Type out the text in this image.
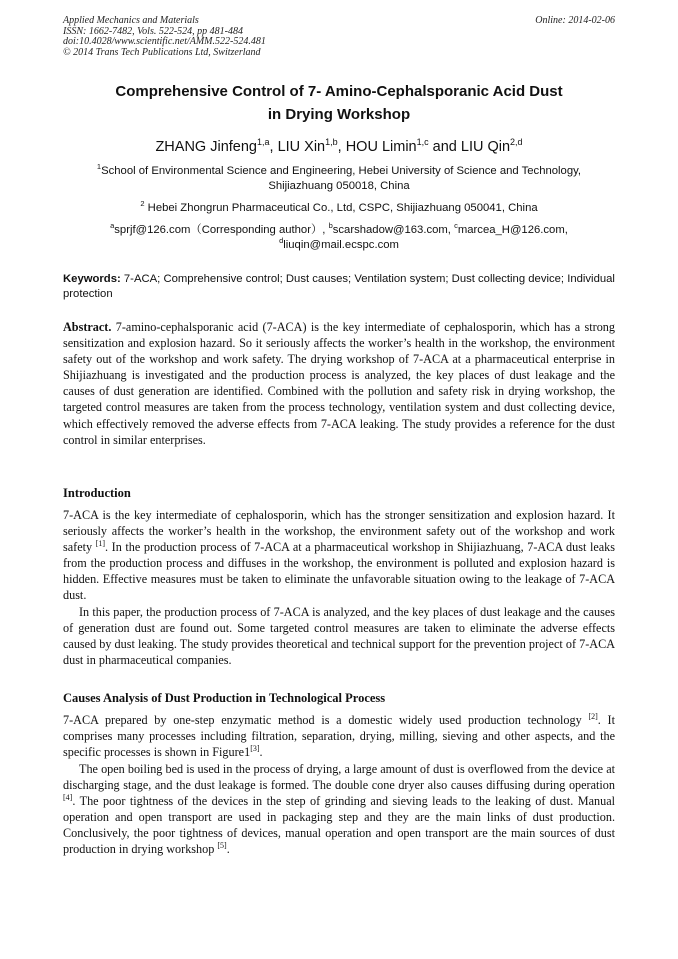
Applied Mechanics and Materials
ISSN: 1662-7482, Vols. 522-524, pp 481-484
doi:10.4028/www.scientific.net/AMM.522-524.481
© 2014 Trans Tech Publications Ltd, Switzerland
Online: 2014-02-06
Comprehensive Control of 7- Amino-Cephalsporanic Acid Dust
in Drying Workshop
ZHANG Jinfeng$^{1,a}$, LIU Xin$^{1,b}$, HOU Limin$^{1,c}$ and LIU Qin$^{2,d}$
$^1$School of Environmental Science and Engineering, Hebei University of Science and Technology,
Shijiazhuang 050018, China
$^2$ Hebei Zhongrun Pharmaceutical Co., Ltd, CSPC, Shijiazhuang 050041, China
$^a$sprjf@126.com（Corresponding author）, $^b$scarshadow@163.com, $^c$marcea_H@126.com,
$^d$liuqin@mail.ecspc.com
Keywords: 7-ACA; Comprehensive control; Dust causes; Ventilation system; Dust collecting device; Individual protection
Abstract. 7-amino-cephalsporanic acid (7-ACA) is the key intermediate of cephalosporin, which has a strong sensitization and explosion hazard. So it seriously affects the worker’s health in the workshop, the environment safety out of the workshop and work safety. The drying workshop of 7-ACA at a pharmaceutical enterprise in Shijiazhuang is investigated and the production process is analyzed, the key places of dust leakage and the causes of dust generation are identified. Combined with the pollution and safety risk in drying workshop, the targeted control measures are taken from the process technology, ventilation system and dust collecting device, which effectively removed the adverse effects from 7-ACA leaking. The study provides a reference for the dust control in similar enterprises.
Introduction
7-ACA is the key intermediate of cephalosporin, which has the stronger sensitization and explosion hazard. It seriously affects the worker’s health in the workshop, the environment safety out of the workshop and work safety [1]. In the production process of 7-ACA at a pharmaceutical workshop in Shijiazhuang, 7-ACA dust leaks from the production process and diffuses in the workshop, the environment is polluted and explosion hazard is hidden. Effective measures must be taken to eliminate the unfavorable situation owing to the leakage of 7-ACA dust.
In this paper, the production process of 7-ACA is analyzed, and the key places of dust leakage and the causes of generation dust are found out. Some targeted control measures are taken to eliminate the adverse effects caused by dust leaking. The study provides theoretical and technical support for the prevention project of 7-ACA dust in pharmaceutical companies.
Causes Analysis of Dust Production in Technological Process
7-ACA prepared by one-step enzymatic method is a domestic widely used production technology [2]. It comprises many processes including filtration, separation, drying, milling, sieving and other aspects, and the specific processes is shown in Figure1[3].
The open boiling bed is used in the process of drying, a large amount of dust is overflowed from the device at discharging stage, and the dust leakage is formed. The double cone dryer also causes diffusing during operation [4]. The poor tightness of the devices in the step of grinding and sieving leads to the leaking of dust. Manual operation and open transport are used in packaging step and they are the main links of dust production. Conclusively, the poor tightness of devices, manual operation and open transport are the main sources of dust production in drying workshop [5].
